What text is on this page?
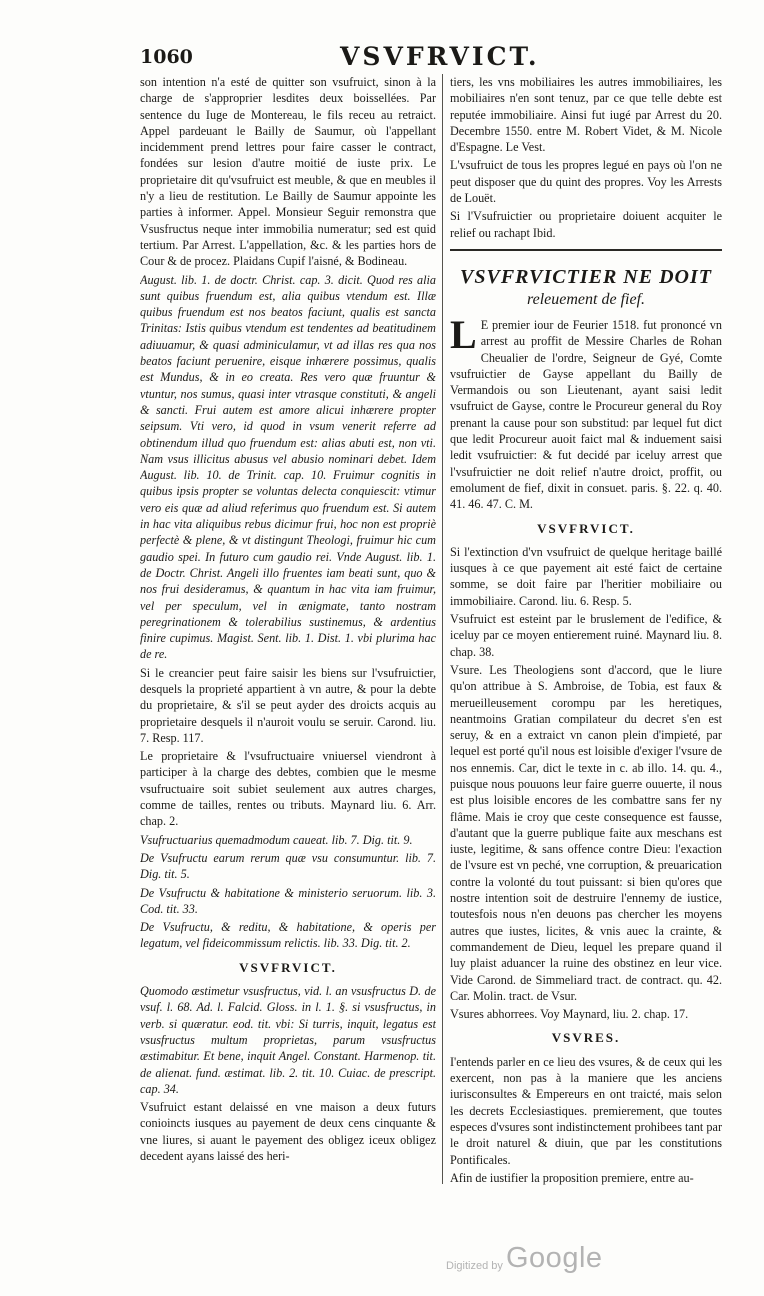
1060	VSVFRVICT.

son intention n'a esté de quitter son vsufruict, sinon à la charge de s'approprier lesdites deux boissellées. Par sentence du Iuge de Montereau, le fils receu au retraict. Appel pardeuant le Bailly de Saumur, où l'appellant incidemment prend lettres pour faire casser le contract, fondées sur lesion d'autre moitié de iuste prix. Le proprietaire dit qu'vsufruict est meuble, & que en meubles il n'y a lieu de restitution. Le Bailly de Saumur appointe les parties à informer. Appel. Monsieur Seguir remonstra que Vsusfructus neque inter immobilia numeratur; sed est quid tertium. Par Arrest. L'appellation, &c. & les parties hors de Cour & de procez. Plaidans Cupif l'aisné, & Bodineau.

August. lib. 1. de doctr. Christ. cap. 3. dicit. Quod res alia sunt quibus fruendum est, alia quibus vtendum est. Illæ quibus fruendum est nos beatos faciunt, qualis est sancta Trinitas: Istis quibus vtendum est tendentes ad beatitudinem adiuuamur, & quasi adminiculamur, vt ad illas res qua nos beatos faciunt peruenire, eisque inhærere possimus, qualis est Mundus, & in eo creata. Res vero quæ fruuntur & vtuntur, nos sumus, quasi inter vtrasque constituti, & angeli & sancti. Frui autem est amore alicui inhærere propter seipsum. Vti vero, id quod in vsum venerit referre ad obtinendum illud quo fruendum est: alias abuti est, non vti. Nam vsus illicitus abusus vel abusio nominari debet. Idem August. lib. 10. de Trinit. cap. 10. Fruimur cognitis in quibus ipsis propter se voluntas delecta conquiescit: vtimur vero eis quæ ad aliud referimus quo fruendum est. Si autem in hac vita aliquibus rebus dicimur frui, hoc non est propriè perfectè & plene, & vt distingunt Theologi, fruimur hic cum gaudio spei. In futuro cum gaudio rei. Vnde August. lib. 1. de Doctr. Christ. Angeli illo fruentes iam beati sunt, quo & nos frui desideramus, & quantum in hac vita iam fruimur, vel per speculum, vel in ænigmate, tanto nostram peregrinationem & tolerabilius sustinemus, & ardentius finire cupimus. Magist. Sent. lib. 1. Dist. 1. vbi plurima hac de re.

Si le creancier peut faire saisir les biens sur l'vsufruictier, desquels la proprieté appartient à vn autre, & pour la debte du proprietaire, & s'il se peut ayder des droicts acquis au proprietaire desquels il n'auroit voulu se seruir. Carond. liu. 7. Resp. 117.

Le proprietaire & l'vsufructuaire vniuersel viendront à participer à la charge des debtes, combien que le mesme vsufructuaire soit subiet seulement aux autres charges, comme de tailles, rentes ou tributs. Maynard liu. 6. Arr. chap. 2.

Vsufructuarius quemadmodum caueat. lib. 7. Dig. tit. 9.

De Vsufructu earum rerum quæ vsu consumuntur. lib. 7. Dig. tit. 5.

De Vsufructu & habitatione & ministerio seruorum. lib. 3. Cod. tit. 33.

De Vsufructu, & reditu, & habitatione, & operis per legatum, vel fideicommissum relictis. lib. 33. Dig. tit. 2.

VSVFRVICT.

Quomodo æstimetur vsusfructus, vid. l. an vsusfructus D. de vsuf. l. 68. Ad. l. Falcid. Gloss. in l. 1. §. si vsusfructus, in verb. si quæratur. eod. tit. vbi: Si turris, inquit, legatus est vsusfructus multum proprietas, parum vsusfructus æstimabitur. Et bene, inquit Angel. Constant. Harmenop. tit. de alienat. fund. æstimat. lib. 2. tit. 10. Cuiac. de prescript. cap. 34.

Vsufruict estant delaissé en vne maison a deux futurs conioincts iusques au payement de deux cens cinquante & vne liures, si auant le payement des obligez iceux obligez decedent ayans laissé des heri-

tiers, les vns mobiliaires les autres immobiliaires, les mobiliaires n'en sont tenuz, par ce que telle debte est reputée immobiliaire. Ainsi fut iugé par Arrest du 20. Decembre 1550. entre M. Robert Videt, & M. Nicole d'Espagne. Le Vest.

L'vsufruict de tous les propres legué en pays où l'on ne peut disposer que du quint des propres. Voy les Arrests de Louët.

Si l'Vsufruictier ou proprietaire doiuent acquiter le relief ou rachapt Ibid.

VSVFRVICTIER NE DOIT
releuement de fief.

L E premier iour de Feurier 1518. fut prononcé vn arrest au proffit de Messire Charles de Rohan Cheualier de l'ordre, Seigneur de Gyé, Comte vsufruictier de Gayse appellant du Bailly de Vermandois ou son Lieutenant, ayant saisi ledit vsufruict de Gayse, contre le Procureur general du Roy prenant la cause pour son substitud: par lequel fut dict que ledit Procureur auoit faict mal & induement saisi ledit vsufruictier: & fut decidé par iceluy arrest que l'vsufruictier ne doit relief n'autre droict, proffit, ou emolument de fief, dixit in consuet. paris. §. 22. q. 40. 41. 46. 47. C. M.

VSVFRVICT.

Si l'extinction d'vn vsufruict de quelque heritage baillé iusques à ce que payement ait esté faict de certaine somme, se doit faire par l'heritier mobiliaire ou immobiliaire. Carond. liu. 6. Resp. 5.

Vsufruict est esteint par le bruslement de l'edifice, & iceluy par ce moyen entierement ruiné. Maynard liu. 8. chap. 38.

Vsure. Les Theologiens sont d'accord, que le liure qu'on attribue à S. Ambroise, de Tobia, est faux & merueilleusement corompu par les heretiques, neantmoins Gratian compilateur du decret s'en est seruy, & en a extraict vn canon plein d'impieté, par lequel est porté qu'il nous est loisible d'exiger l'vsure de nos ennemis. Car, dict le texte in c. ab illo. 14. qu. 4., puisque nous pouuons leur faire guerre ouuerte, il nous est plus loisible encores de les combattre sans fer ny flâme. Mais ie croy que ceste consequence est fausse, d'autant que la guerre publique faite aux meschans est iuste, legitime, & sans offence contre Dieu: l'exaction de l'vsure est vn peché, vne corruption, & preuarication contre la volonté du tout puissant: si bien qu'ores que nostre intention soit de destruire l'ennemy de iustice, toutesfois nous n'en deuons pas chercher les moyens autres que iustes, licites, & vnis auec la crainte, & commandement de Dieu, lequel les prepare quand il luy plaist aduancer la ruine des obstinez en leur vice. Vide Carond. de Simmeliard tract. de contract. qu. 42. Car. Molin. tract. de Vsur.

Vsures abhorrees. Voy Maynard, liu. 2. chap. 17.

VSVRES.

I'entends parler en ce lieu des vsures, & de ceux qui les exercent, non pas à la maniere que les anciens iurisconsultes & Empereurs en ont traicté, mais selon les decrets Ecclesiastiques. premierement, que toutes especes d'vsures sont indistinctement prohibees tant par le droit naturel & diuin, que par les constitutions Pontificales.

Afin de iustifier la proposition premiere, entre au-

Digitized by Google
